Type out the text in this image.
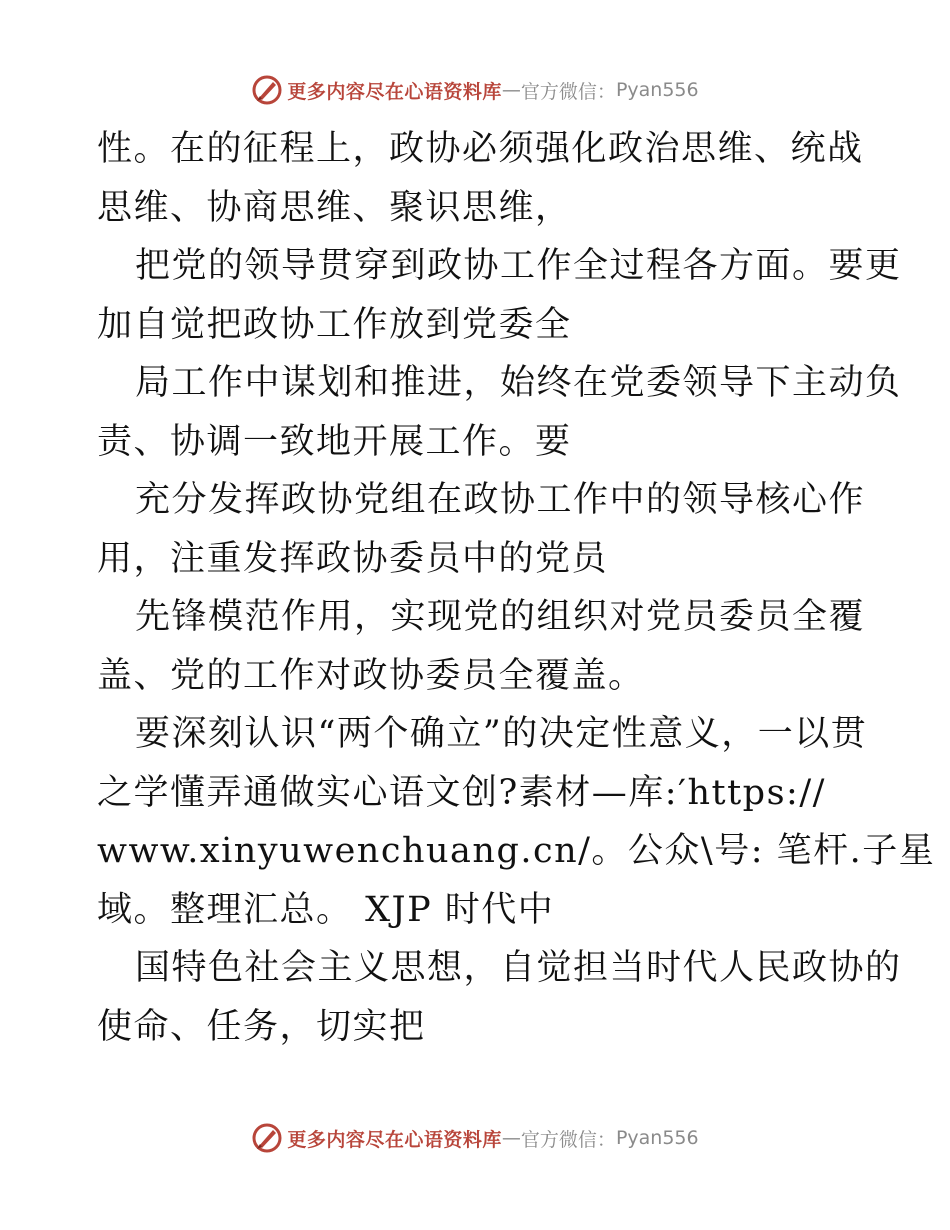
更多内容尽在心语资料库 — 官方微信： Pyan556
性。在的征程上，政协必须强化政治思维、统战
思维、协商思维、聚识思维，
把党的领导贯穿到政协工作全过程各方面。要更
加自觉把政协工作放到党委全
局工作中谋划和推进，始终在党委领导下主动负
责、协调一致地开展工作。要
充分发挥政协党组在政协工作中的领导核心作
用，注重发挥政协委员中的党员
先锋模范作用，实现党的组织对党员委员全覆
盖、党的工作对政协委员全覆盖。
要深刻认识“两个确立”的决定性意义，一以贯
之学懂弄通做实心语文创?素材—库:′https://
www.xinyuwenchuang.cn/。公众\号: 笔杆.子星
域。整理汇总。 XJP 时代中
国特色社会主义思想，自觉担当时代人民政协的
使命、任务，切实把
更多内容尽在心语资料库 — 官方微信： Pyan556
